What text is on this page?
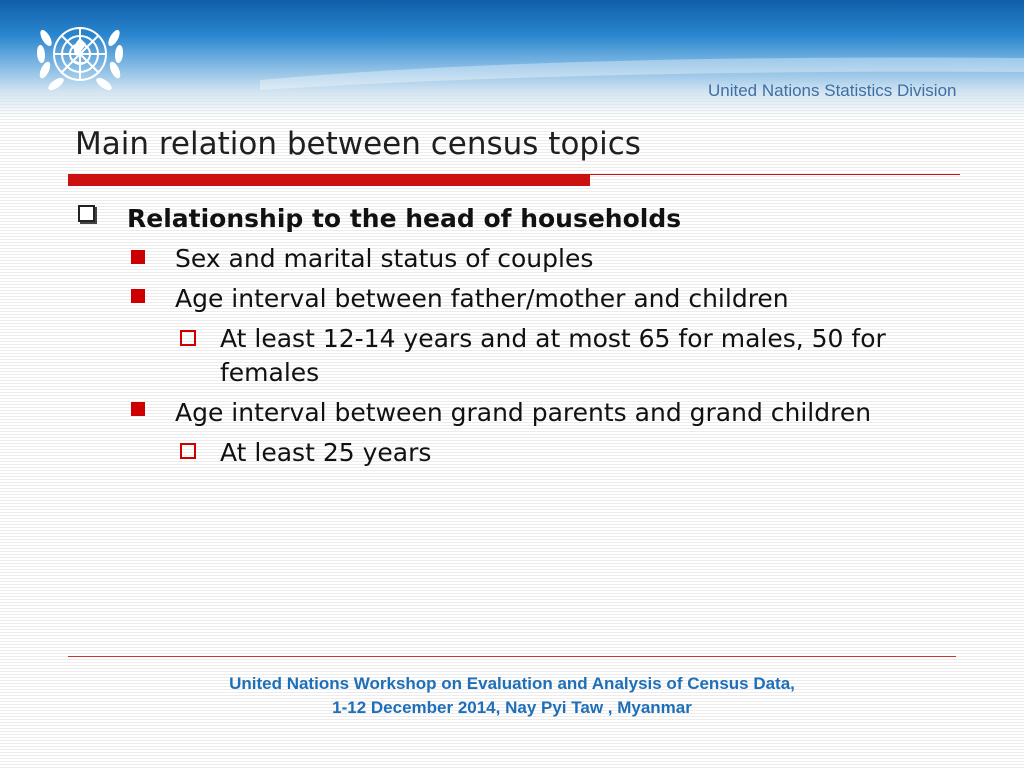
United Nations Statistics Division
Main relation between census topics
Relationship to the head of households
Sex and marital status of couples
Age interval between father/mother and children
At least 12-14 years and at most 65 for males, 50 for females
Age interval between grand parents and grand children
At least 25 years
United Nations Workshop on Evaluation and Analysis of Census Data,
1-12 December 2014, Nay Pyi Taw , Myanmar
